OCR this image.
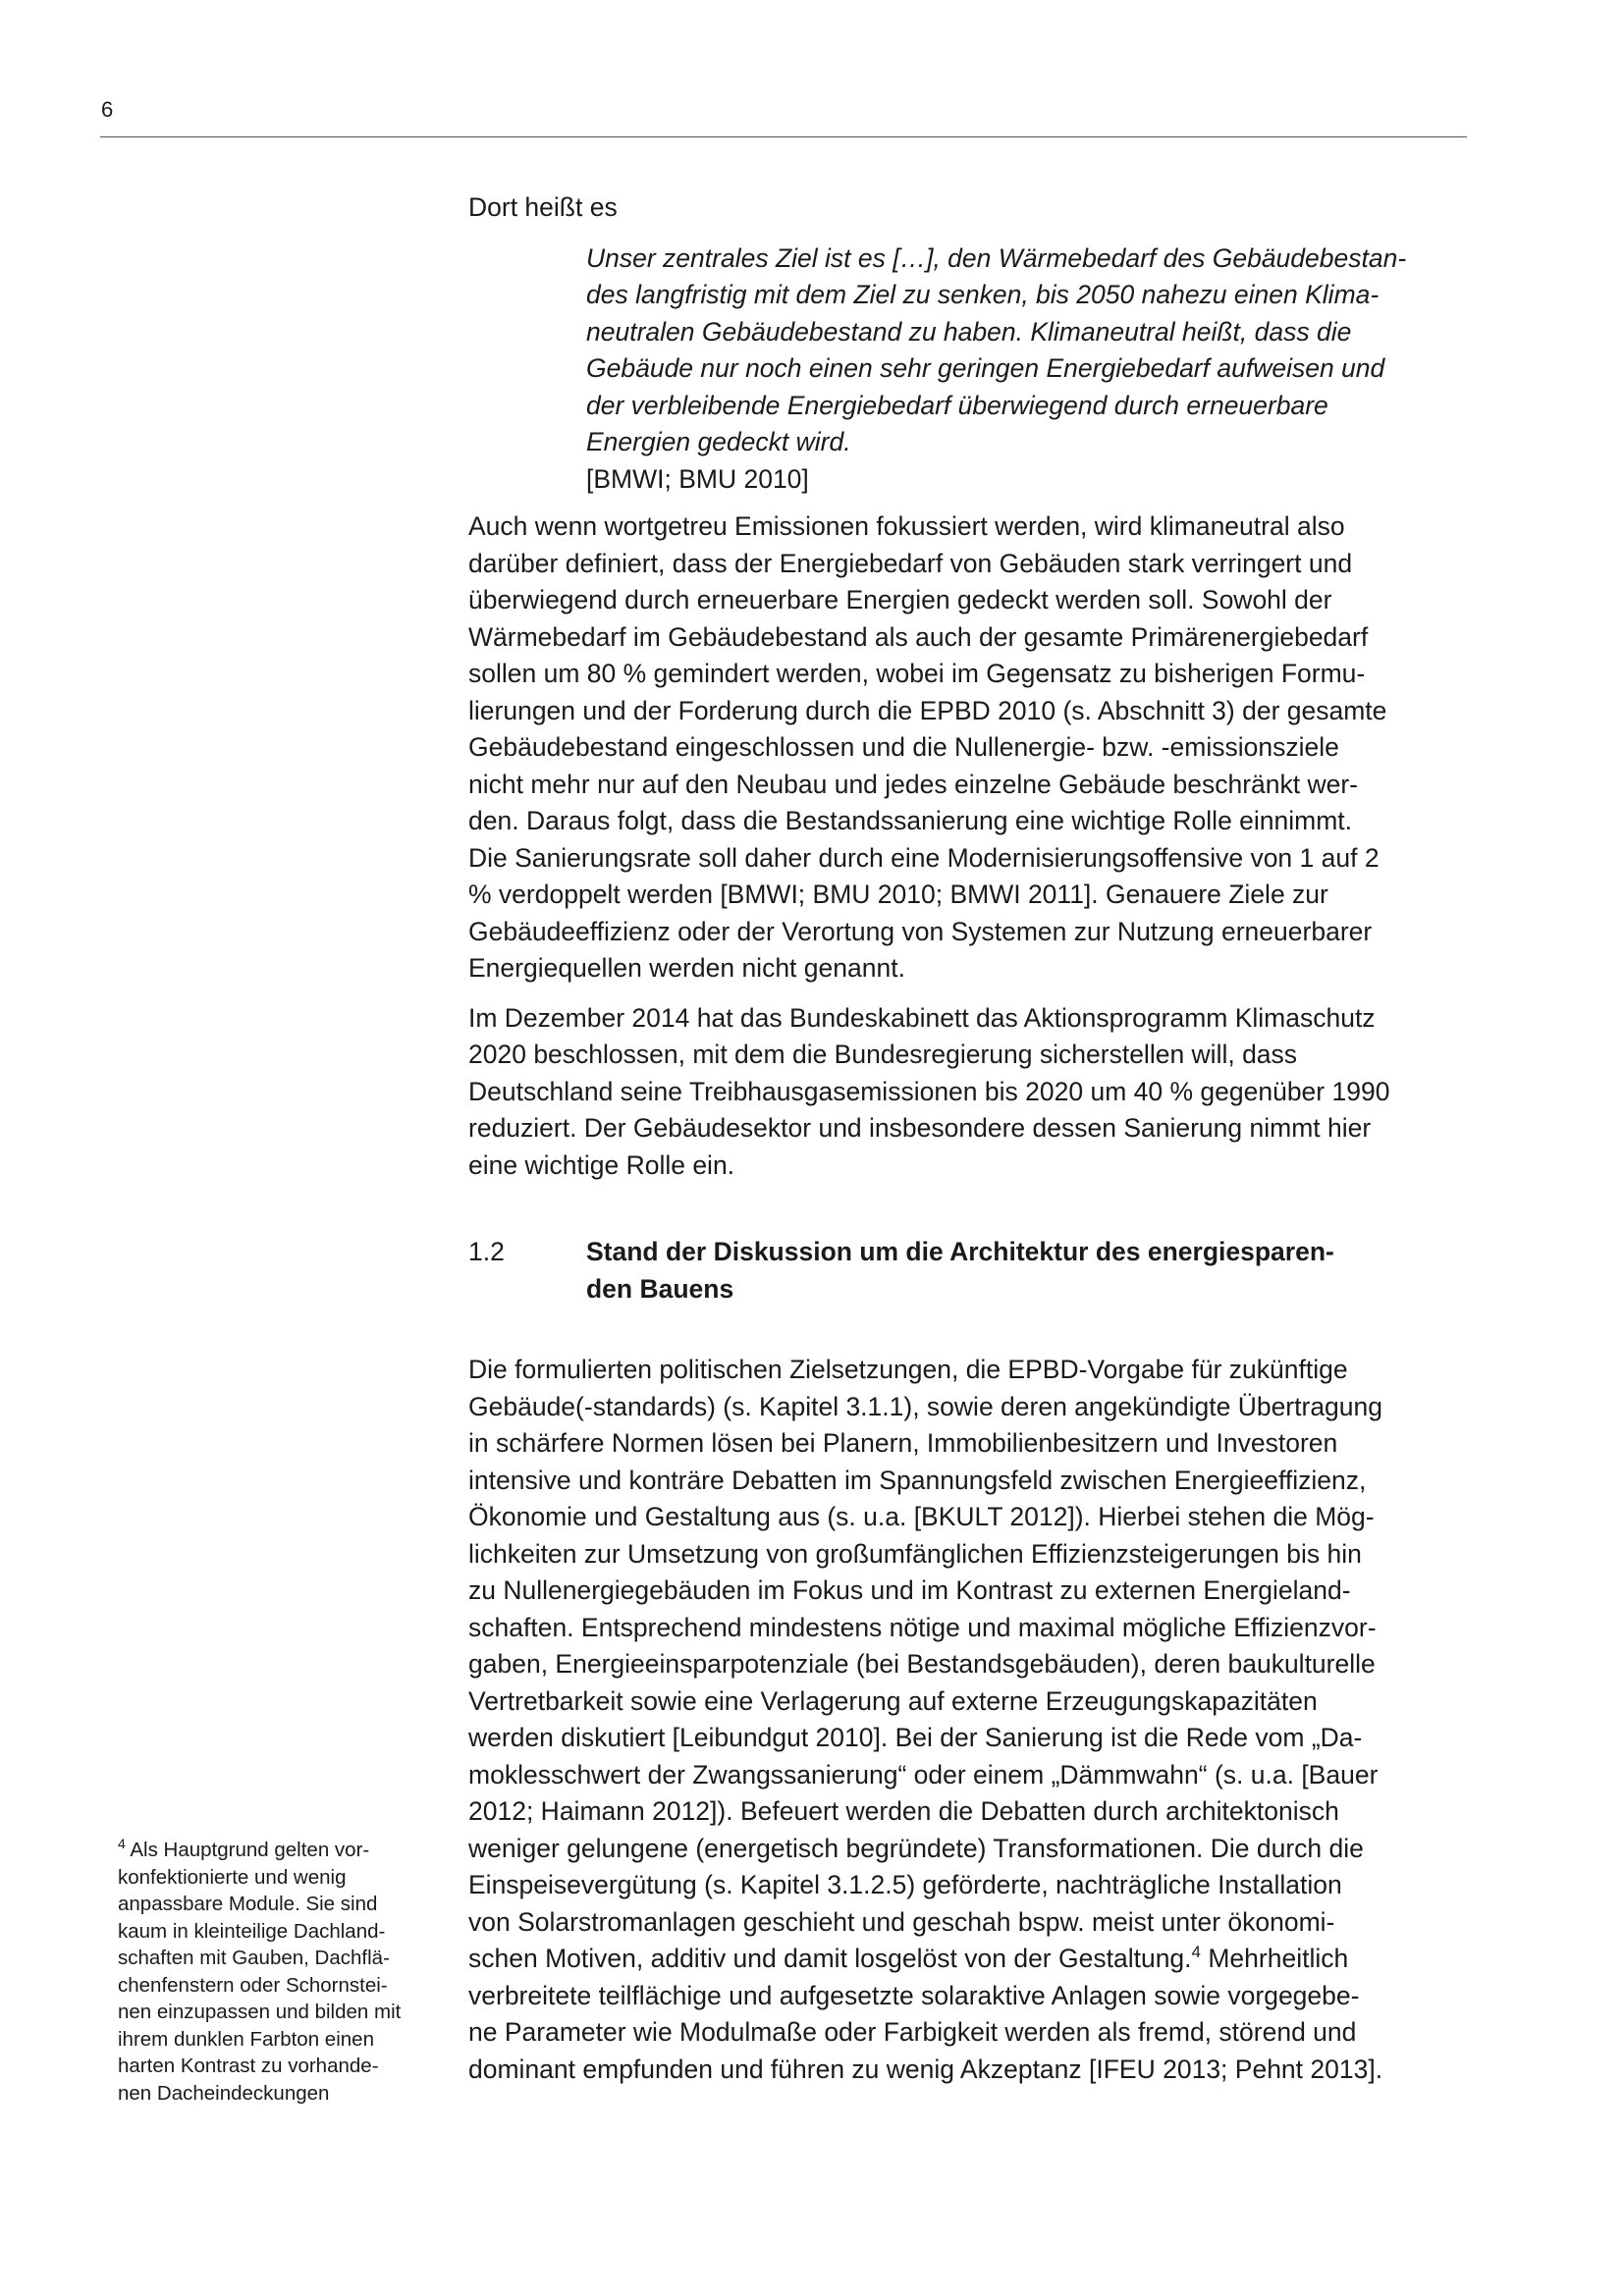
6

Dort heißt es

Unser zentrales Ziel ist es […], den Wärmebedarf des Gebäudebestan-
des langfristig mit dem Ziel zu senken, bis 2050 nahezu einen Klima-
neutralen Gebäudebestand zu haben. Klimaneutral heißt, dass die
Gebäude nur noch einen sehr geringen Energiebedarf aufweisen und
der verbleibende Energiebedarf überwiegend durch erneuerbare
Energien gedeckt wird.
[BMWI; BMU 2010]
Auch wenn wortgetreu Emissionen fokussiert werden, wird klimaneutral also
darüber definiert, dass der Energiebedarf von Gebäuden stark verringert und
überwiegend durch erneuerbare Energien gedeckt werden soll. Sowohl der
Wärmebedarf im Gebäudebestand als auch der gesamte Primärenergiebedarf
sollen um 80 % gemindert werden, wobei im Gegensatz zu bisherigen Formu-
lierungen und der Forderung durch die EPBD 2010 (s. Abschnitt 3) der gesamte
Gebäudebestand eingeschlossen und die Nullenergie- bzw. -emissionsziele
nicht mehr nur auf den Neubau und jedes einzelne Gebäude beschränkt wer-
den. Daraus folgt, dass die Bestandssanierung eine wichtige Rolle einnimmt.
Die Sanierungsrate soll daher durch eine Modernisierungsoffensive von 1 auf 2
% verdoppelt werden [BMWI; BMU 2010; BMWI 2011]. Genauere Ziele zur
Gebäudeeffizienz oder der Verortung von Systemen zur Nutzung erneuerbarer
Energiequellen werden nicht genannt.
Im Dezember 2014 hat das Bundeskabinett das Aktionsprogramm Klimaschutz
2020 beschlossen, mit dem die Bundesregierung sicherstellen will, dass
Deutschland seine Treibhausgasemissionen bis 2020 um 40 % gegenüber 1990
reduziert. Der Gebäudesektor und insbesondere dessen Sanierung nimmt hier
eine wichtige Rolle ein.
1.2	Stand der Diskussion um die Architektur des energiesparen-
den Bauens
Die formulierten politischen Zielsetzungen, die EPBD-Vorgabe für zukünftige
Gebäude(-standards) (s. Kapitel 3.1.1), sowie deren angekündigte Übertragung
in schärfere Normen lösen bei Planern, Immobilienbesitzern und Investoren
intensive und konträre Debatten im Spannungsfeld zwischen Energieeffizienz,
Ökonomie und Gestaltung aus (s. u.a. [BKULT 2012]). Hierbei stehen die Mög-
lichkeiten zur Umsetzung von großumfänglichen Effizienzsteigerungen bis hin
zu Nullenergiegebäuden im Fokus und im Kontrast zu externen Energieland-
schaften. Entsprechend mindestens nötige und maximal mögliche Effizienzvor-
gaben, Energieeinsparpotenziale (bei Bestandsgebäuden), deren baukulturelle
Vertretbarkeit sowie eine Verlagerung auf externe Erzeugungskapazitäten
werden diskutiert [Leibundgut 2010]. Bei der Sanierung ist die Rede vom „Da-
moklesschwert der Zwangssanierung“ oder einem „Dämmwahn“ (s. u.a. [Bauer
2012; Haimann 2012]). Befeuert werden die Debatten durch architektonisch
weniger gelungene (energetisch begründete) Transformationen. Die durch die
Einspeisevergütung (s. Kapitel 3.1.2.5) geförderte, nachträgliche Installation
von Solarstromanlagen geschieht und geschah bspw. meist unter ökonomi-
schen Motiven, additiv und damit losgelöst von der Gestaltung.$^4$ Mehrheitlich
verbreitete teilflächige und aufgesetzte solaraktive Anlagen sowie vorgegebe-
ne Parameter wie Modulmaße oder Farbigkeit werden als fremd, störend und
dominant empfunden und führen zu wenig Akzeptanz [IFEU 2013; Pehnt 2013].
$^4$ Als Hauptgrund gelten vor-
konfektionierte und wenig
anpassbare Module. Sie sind
kaum in kleinteilige Dachland-
schaften mit Gauben, Dachflä-
chenfenstern oder Schornstei-
nen einzupassen und bilden mit
ihrem dunklen Farbton einen
harten Kontrast zu vorhande-
nen Dacheindeckungen
